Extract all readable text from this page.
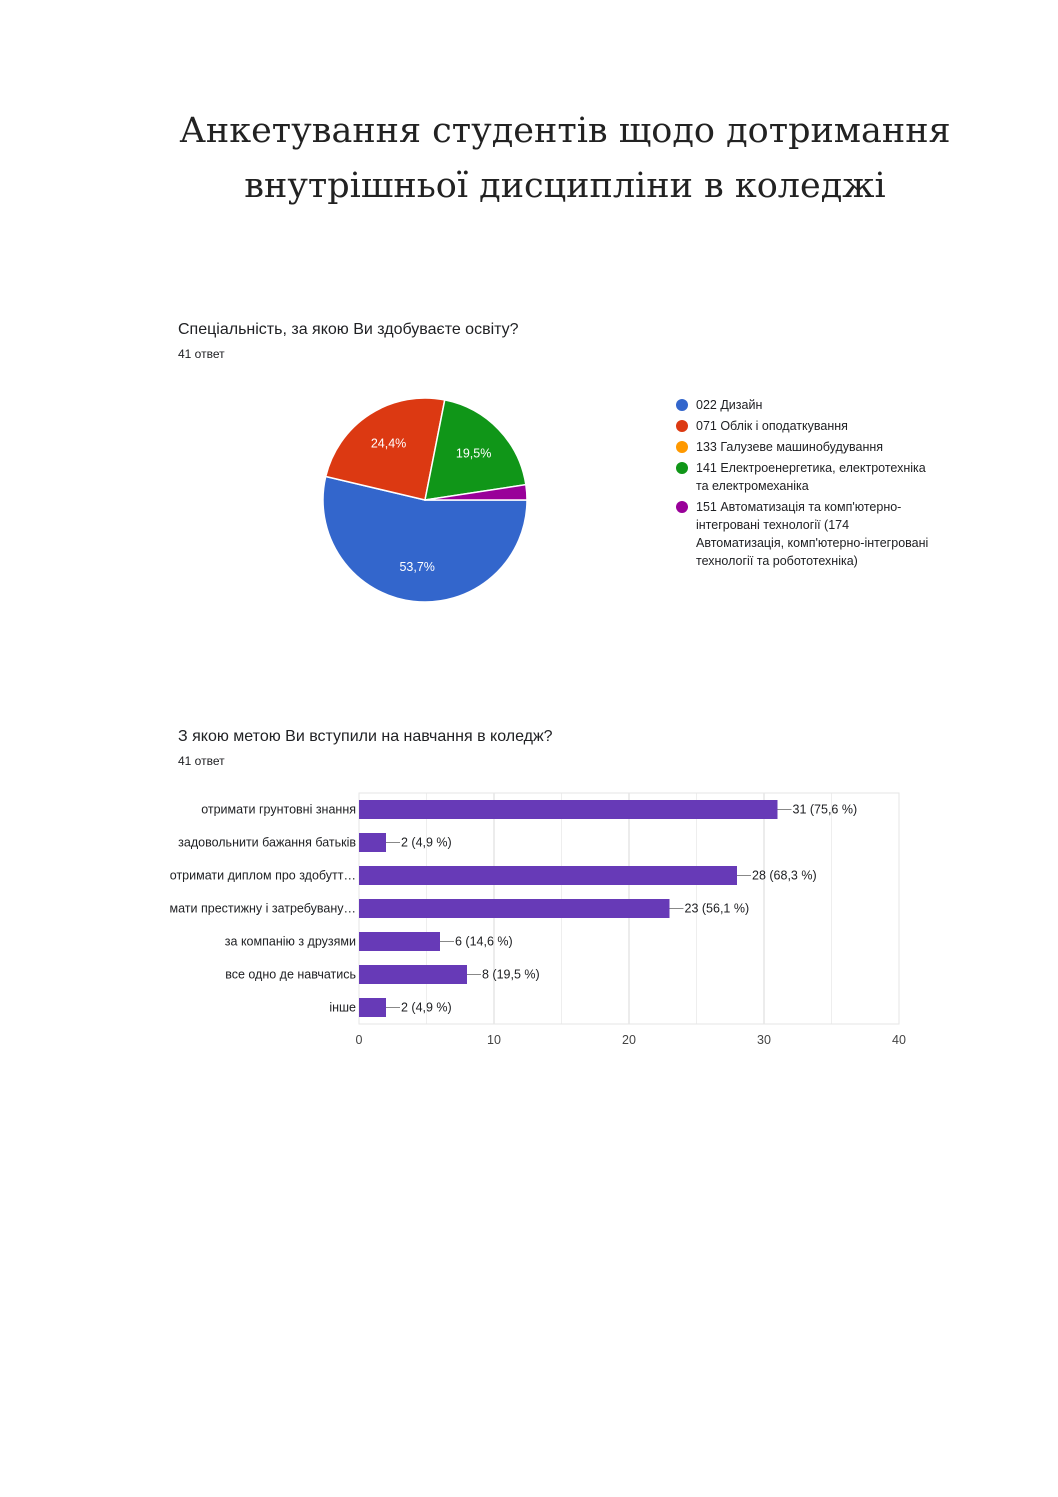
Анкетування студентів щодо дотримання
внутрішньої дисципліни в коледжі
Спеціальність, за якою Ви здобуваєте освіту?
41 ответ
53,7%
24,4%
19,5%
022 Дизайн
071 Облік і оподаткування
133 Галузеве машинобудування
141 Електроенергетика, електротехніка та електромеханіка
151 Автоматизація та комп'ютерно-інтегровані технології (174 Автоматизація, комп'ютерно-інтегровані технології та робототехніка)
З якою метою Ви вступили на навчання в коледж?
41 ответ
отримати грунтовні знання	31 (75,6 %)
задовольнити бажання батьків	2 (4,9 %)
отримати диплом про здобутт…	28 (68,3 %)
мати престижну і затребувану…	23 (56,1 %)
за компанію з друзями	6 (14,6 %)
все одно де навчатись	8 (19,5 %)
інше	2 (4,9 %)
0	10	20	30	40
